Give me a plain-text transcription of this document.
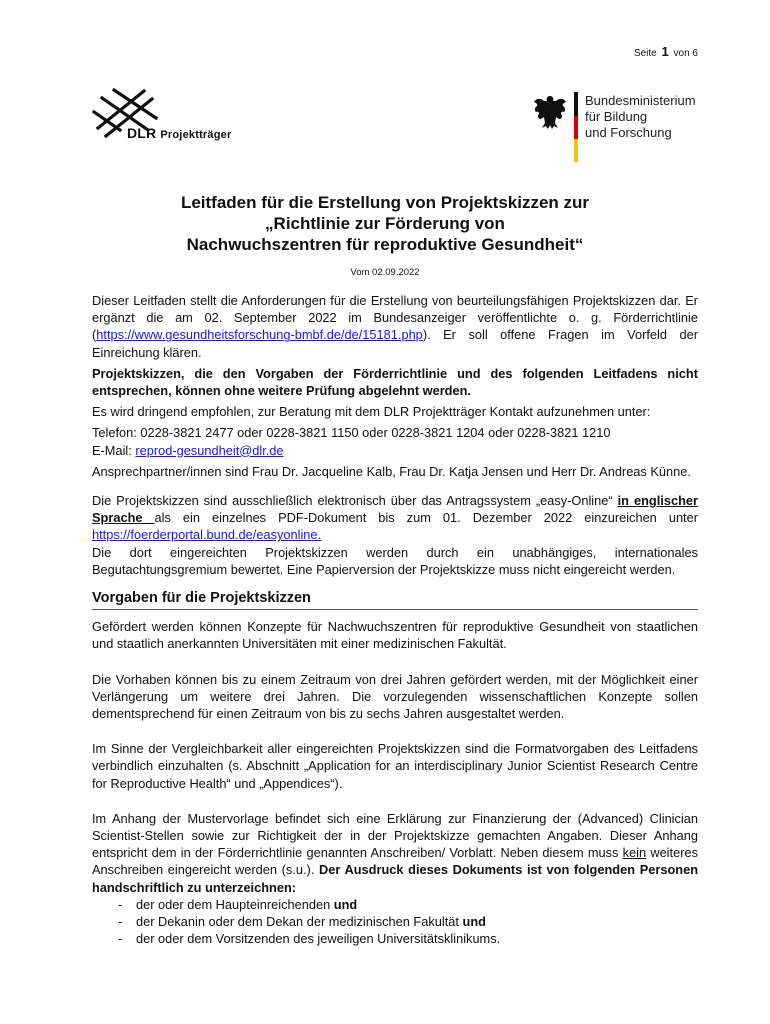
Seite 1 von 6
DLR Projektträger
Bundesministerium
für Bildung
und Forschung
Leitfaden für die Erstellung von Projektskizzen zur
„Richtlinie zur Förderung von
Nachwuchszentren für reproduktive Gesundheit“
Vom 02.09.2022

Dieser Leitfaden stellt die Anforderungen für die Erstellung von beurteilungsfähigen Projektskizzen dar. Er ergänzt die am 02. September 2022 im Bundesanzeiger veröffentlichte o. g. Förderrichtlinie (https://www.gesundheitsforschung-bmbf.de/de/15181.php). Er soll offene Fragen im Vorfeld der Einreichung klären.

Projektskizzen, die den Vorgaben der Förderrichtlinie und des folgenden Leitfadens nicht entsprechen, können ohne weitere Prüfung abgelehnt werden.

Es wird dringend empfohlen, zur Beratung mit dem DLR Projektträger Kontakt aufzunehmen unter:

Telefon: 0228-3821 2477 oder 0228-3821 1150 oder 0228-3821 1204 oder 0228-3821 1210

E-Mail: reprod-gesundheit@dlr.de

Ansprechpartner/innen sind Frau Dr. Jacqueline Kalb, Frau Dr. Katja Jensen und Herr Dr. Andreas Künne.

Die Projektskizzen sind ausschließlich elektronisch über das Antragssystem „easy-Online“ in englischer Sprache als ein einzelnes PDF-Dokument bis zum 01. Dezember 2022 einzureichen unter https://foerderportal.bund.de/easyonline.

Die dort eingereichten Projektskizzen werden durch ein unabhängiges, internationales Begutachtungsgremium bewertet. Eine Papierversion der Projektskizze muss nicht eingereicht werden.

Vorgaben für die Projektskizzen

Gefördert werden können Konzepte für Nachwuchszentren für reproduktive Gesundheit von staatlichen und staatlich anerkannten Universitäten mit einer medizinischen Fakultät.

Die Vorhaben können bis zu einem Zeitraum von drei Jahren gefördert werden, mit der Möglichkeit einer Verlängerung um weitere drei Jahren. Die vorzulegenden wissenschaftlichen Konzepte sollen dementsprechend für einen Zeitraum von bis zu sechs Jahren ausgestaltet werden.

Im Sinne der Vergleichbarkeit aller eingereichten Projektskizzen sind die Formatvorgaben des Leitfadens verbindlich einzuhalten (s. Abschnitt „Application for an interdisciplinary Junior Scientist Research Centre for Reproductive Health“ und „Appendices“).

Im Anhang der Mustervorlage befindet sich eine Erklärung zur Finanzierung der (Advanced) Clinician Scientist-Stellen sowie zur Richtigkeit der in der Projektskizze gemachten Angaben. Dieser Anhang entspricht dem in der Förderrichtlinie genannten Anschreiben/ Vorblatt. Neben diesem muss kein weiteres Anschreiben eingereicht werden (s.u.). Der Ausdruck dieses Dokuments ist von folgenden Personen handschriftlich zu unterzeichnen:

- der oder dem Haupteinreichenden und
- der Dekanin oder dem Dekan der medizinischen Fakultät und
- der oder dem Vorsitzenden des jeweiligen Universitätsklinikums.
